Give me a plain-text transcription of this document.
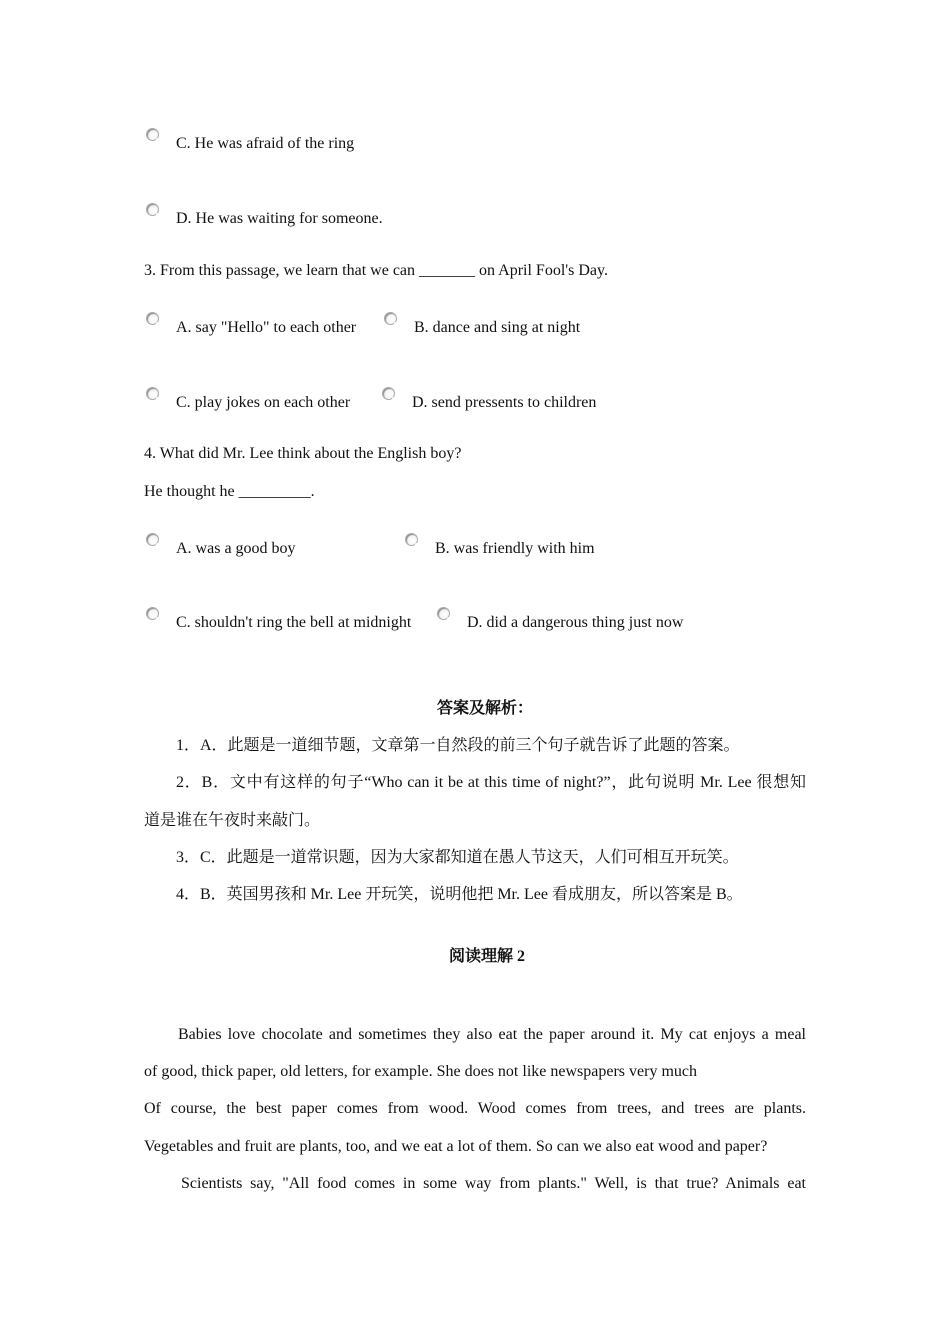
C. He was afraid of the ring
D. He was waiting for someone.
3. From this passage, we learn that we can _______ on April Fool's Day.
A. say "Hello" to each other	B. dance and sing at night
C. play jokes on each other	D. send pressents to children
4. What did Mr. Lee think about the English boy?
He thought he _________.
A. was a good boy	B. was friendly with him
C. shouldn't ring the bell at midnight	D. did a dangerous thing just now
答案及解析：
1．A．此题是一道细节题，文章第一自然段的前三个句子就告诉了此题的答案。
2．B．文中有这样的句子“Who can it be at this time of night?”，此句说明 Mr. Lee 很想知
道是谁在午夜时来敲门。
3．C．此题是一道常识题，因为大家都知道在愚人节这天，人们可相互开玩笑。
4．B．英国男孩和 Mr. Lee 开玩笑，说明他把 Mr. Lee 看成朋友，所以答案是 B。
阅读理解 2
Babies love chocolate and sometimes they also eat the paper around it. My cat enjoys a meal
of good, thick paper, old letters, for example. She does not like newspapers very much
Of course, the best paper comes from wood. Wood comes from trees, and trees are plants.
Vegetables and fruit are plants, too, and we eat a lot of them. So can we also eat wood and paper?
Scientists say, "All food comes in some way from plants." Well, is that true? Animals eat
